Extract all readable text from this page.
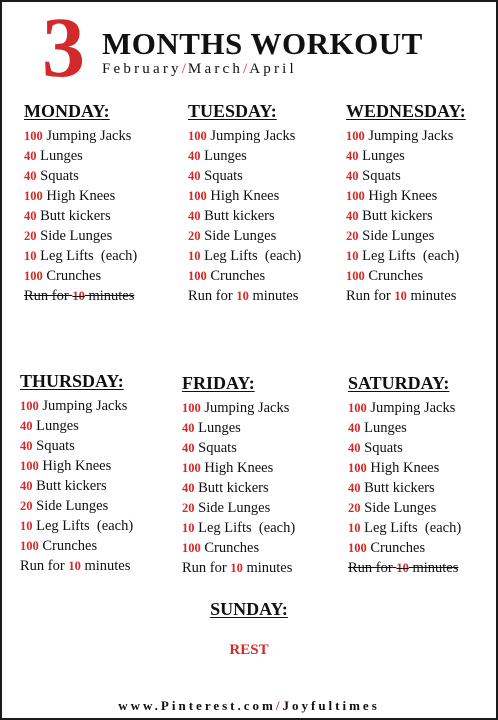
3 MONTHS WORKOUT
February/March/April
MONDAY:
100 Jumping Jacks
40 Lunges
40 Squats
100 High Knees
40 Butt kickers
20 Side Lunges
10 Leg Lifts  (each)
100 Crunches
Run for 10 minutes
TUESDAY:
100 Jumping Jacks
40 Lunges
40 Squats
100 High Knees
40 Butt kickers
20 Side Lunges
10 Leg Lifts  (each)
100 Crunches
Run for 10 minutes
WEDNESDAY:
100 Jumping Jacks
40 Lunges
40 Squats
100 High Knees
40 Butt kickers
20 Side Lunges
10 Leg Lifts  (each)
100 Crunches
Run for 10 minutes
THURSDAY:
100 Jumping Jacks
40 Lunges
40 Squats
100 High Knees
40 Butt kickers
20 Side Lunges
10 Leg Lifts  (each)
100 Crunches
Run for 10 minutes
FRIDAY:
100 Jumping Jacks
40 Lunges
40 Squats
100 High Knees
40 Butt kickers
20 Side Lunges
10 Leg Lifts  (each)
100 Crunches
Run for 10 minutes
SATURDAY:
100 Jumping Jacks
40 Lunges
40 Squats
100 High Knees
40 Butt kickers
20 Side Lunges
10 Leg Lifts  (each)
100 Crunches
Run for 10 minutes
SUNDAY:
REST
www.Pinterest.com/Joyfultimes
